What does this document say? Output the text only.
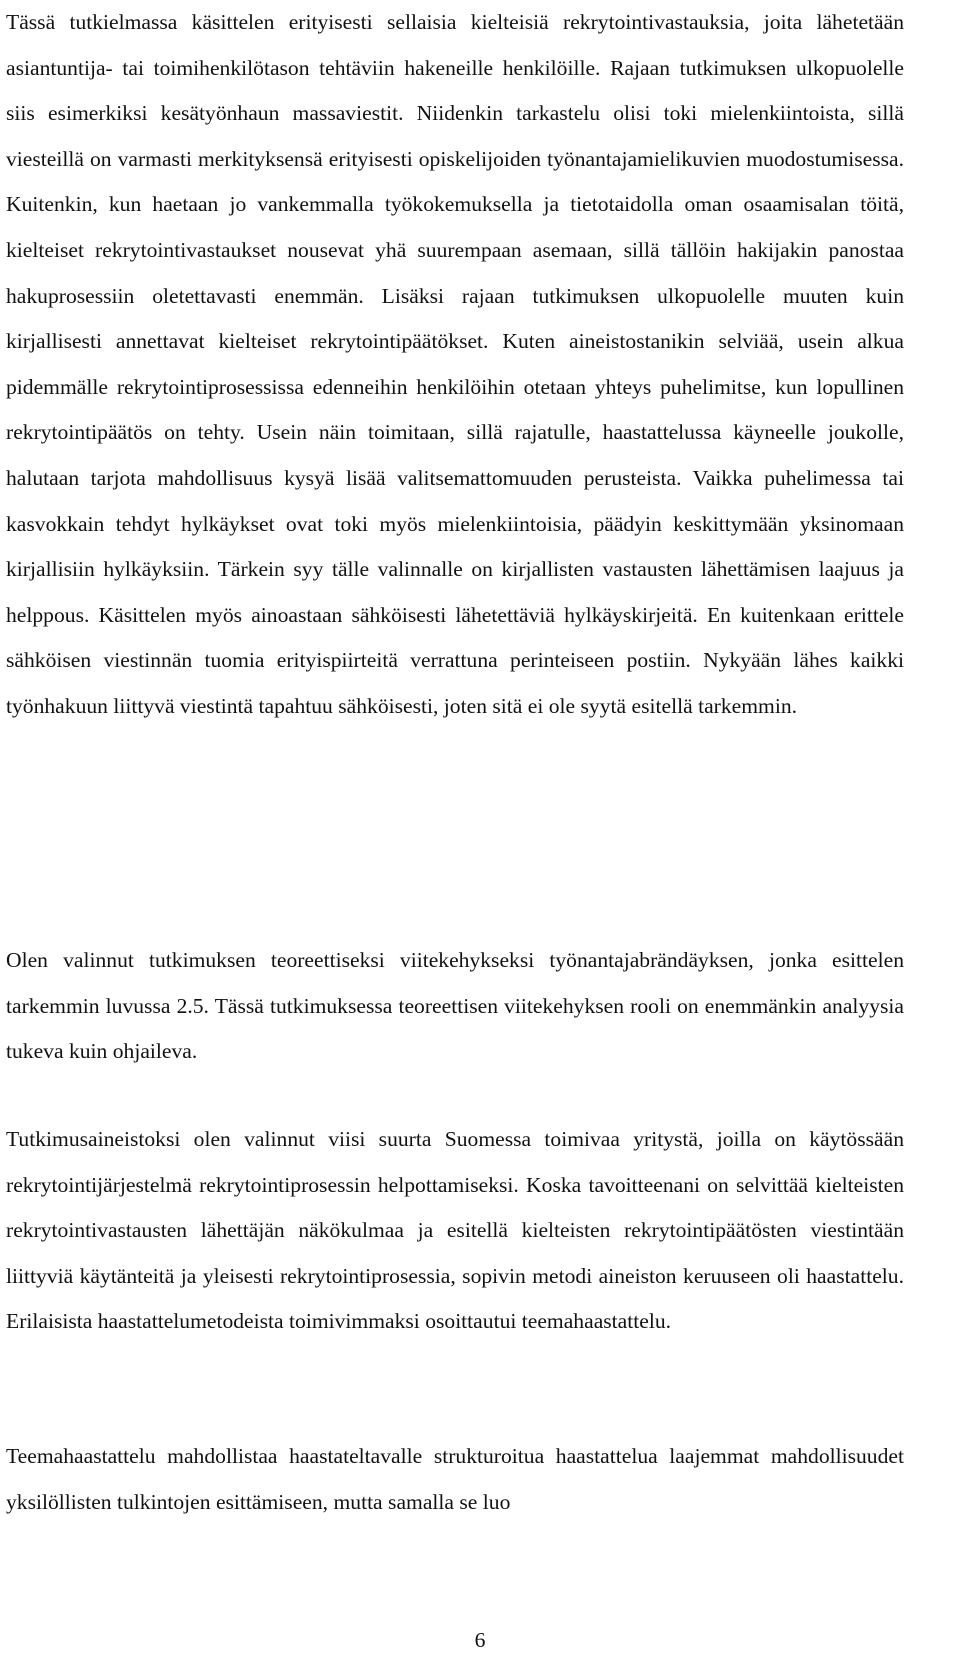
Tässä tutkielmassa käsittelen erityisesti sellaisia kielteisiä rekrytointivastauksia, joita lähetetään asiantuntija- tai toimihenkilötason tehtäviin hakeneille henkilöille. Rajaan tutkimuksen ulkopuolelle siis esimerkiksi kesätyönhaun massaviestit. Niidenkin tarkastelu olisi toki mielenkiintoista, sillä viesteillä on varmasti merkityksensä erityisesti opiskelijoiden työnantajamielikuvien muodostumisessa. Kuitenkin, kun haetaan jo vankemmalla työkokemuksella ja tietotaidolla oman osaamisalan töitä, kielteiset rekrytointivastaukset nousevat yhä suurempaan asemaan, sillä tällöin hakijakin panostaa hakuprosessiin oletettavasti enemmän. Lisäksi rajaan tutkimuksen ulkopuolelle muuten kuin kirjallisesti annettavat kielteiset rekrytointipäätökset. Kuten aineistostanikin selviää, usein alkua pidemmälle rekrytointiprosessissa edenneihin henkilöihin otetaan yhteys puhelimitse, kun lopullinen rekrytointipäätös on tehty. Usein näin toimitaan, sillä rajatulle, haastattelussa käyneelle joukolle, halutaan tarjota mahdollisuus kysyä lisää valitsemattomuuden perusteista. Vaikka puhelimessa tai kasvokkain tehdyt hylkäykset ovat toki myös mielenkiintoisia, päädyin keskittymään yksinomaan kirjallisiin hylkäyksiin. Tärkein syy tälle valinnalle on kirjallisten vastausten lähettämisen laajuus ja helppous. Käsittelen myös ainoastaan sähköisesti lähetettäviä hylkäyskirjeitä. En kuitenkaan erittele sähköisen viestinnän tuomia erityispiirteitä verrattuna perinteiseen postiin. Nykyään lähes kaikki työnhakuun liittyvä viestintä tapahtuu sähköisesti, joten sitä ei ole syytä esitellä tarkemmin.

Olen valinnut tutkimuksen teoreettiseksi viitekehykseksi työnantajabrändäyksen, jonka esittelen tarkemmin luvussa 2.5. Tässä tutkimuksessa teoreettisen viitekehyksen rooli on enemmänkin analyysia tukeva kuin ohjaileva.

Tutkimusaineistoksi olen valinnut viisi suurta Suomessa toimivaa yritystä, joilla on käytössään rekrytointijärjestelmä rekrytointiprosessin helpottamiseksi. Koska tavoitteenani on selvittää kielteisten rekrytointivastausten lähettäjän näkökulmaa ja esitellä kielteisten rekrytointipäätösten viestintään liittyviä käytänteitä ja yleisesti rekrytointiprosessia, sopivin metodi aineiston keruuseen oli haastattelu. Erilaisista haastattelumetodeista toimivimmaksi osoittautui teemahaastattelu.

Teemahaastattelu mahdollistaa haastateltavalle strukturoitua haastattelua laajemmat mahdollisuudet yksilöllisten tulkintojen esittämiseen, mutta samalla se luo

6
